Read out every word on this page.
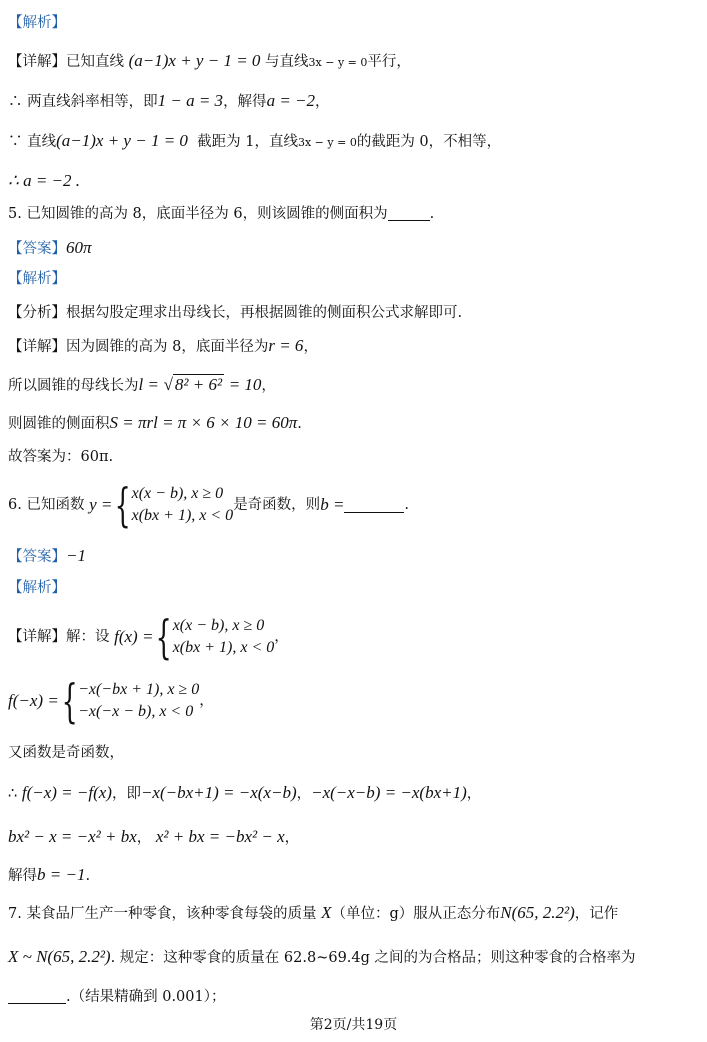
【解析】
【详解】已知直线 (a−1)x + y − 1 = 0 与直线3x − y = 0平行，
∴ 两直线斜率相等，即1 − a = 3，解得a = −2，
∵ 直线(a−1)x + y − 1 = 0 截距为 1，直线3x − y = 0的截距为 0，不相等，
∴ a = −2 .
5. 已知圆锥的高为 8，底面半径为 6，则该圆锥的侧面积为	.
【答案】60π
【解析】
【分析】根据勾股定理求出母线长，再根据圆锥的侧面积公式求解即可.
【详解】因为圆锥的高为 8，底面半径为r = 6，
所以圆锥的母线长为l = √ 8² + 6² = 10，
则圆锥的侧面积S = πrl = π × 6 × 10 = 60π.
故答案为：60π.
6. 已知函数
y = { x(x − b), x ≥ 0
x(bx + 1), x < 0
是奇函数，则 b =	.
【答案】−1
【解析】
【详解】 解：设
f(x) = { x(x − b), x ≥ 0
x(bx + 1), x < 0
，
f(−x) = { −x(−bx + 1), x ≥ 0
−x(−x − b), x < 0
，
又函数是奇函数，
∴ f(−x) = −f(x)，即−x(−bx+1) = −x(x−b)，−x(−x−b) = −x(bx+1)，
bx² − x = −x² + bx， x² + bx = −bx² − x，
解得b = −1.
7. 某食品厂生产一种零食，该种零食每袋的质量 X（单位：g）服从正态分布N(65, 2.2²)，记作
X ~ N(65, 2.2²). 规定：这种零食的质量在 62.8~69.4g 之间的为合格品；则这种零食的合格率为
.（结果精确到 0.001）；
第2页/共19页
